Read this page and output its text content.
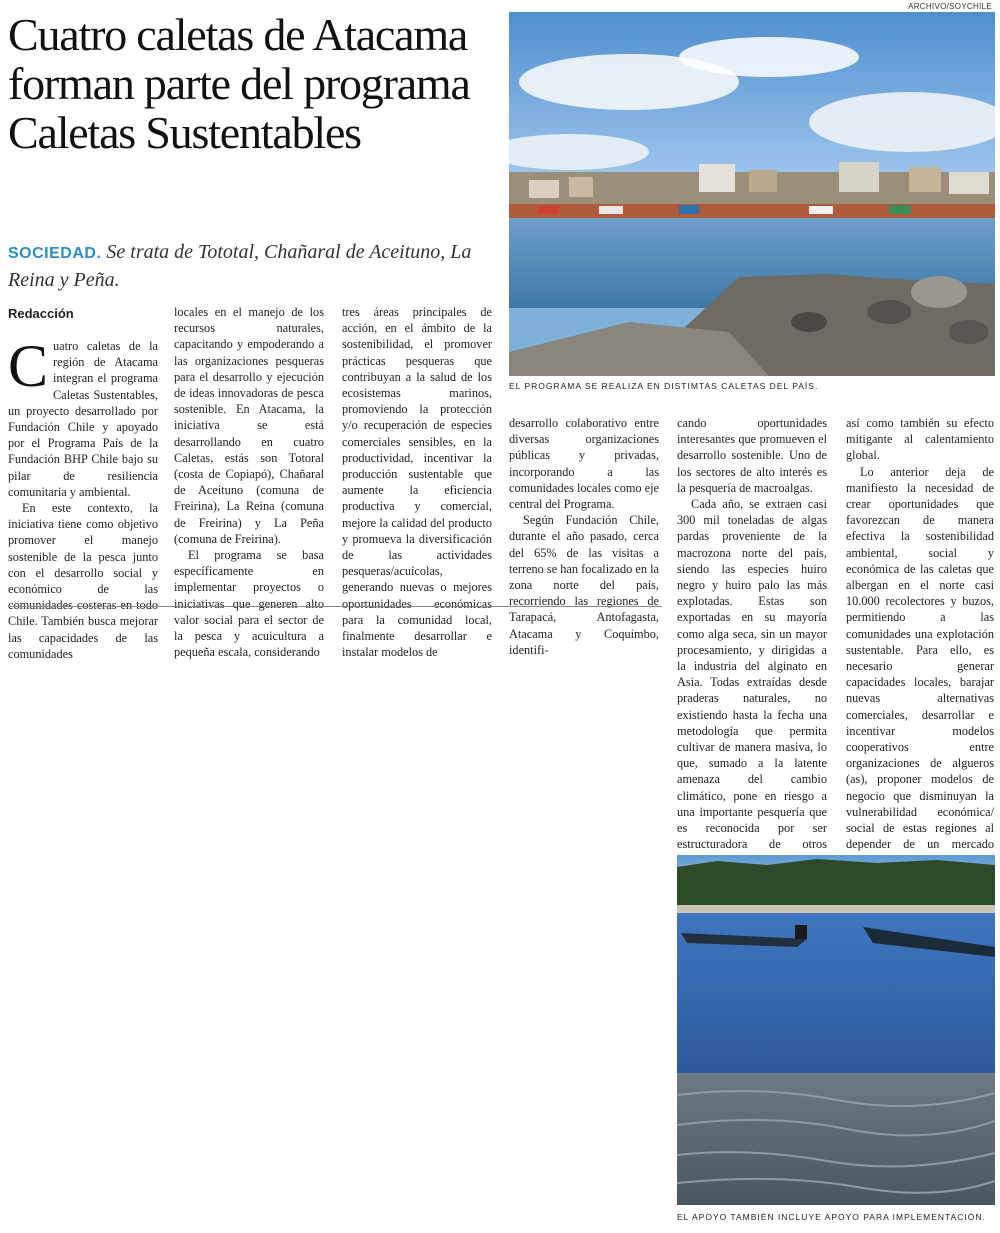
Cuatro caletas de Atacama forman parte del programa Caletas Sustentables
SOCIEDAD. Se trata de Tototal, Chañaral de Aceituno, La Reina y Peña.
Redacción

Cuatro caletas de la región de Atacama integran el programa Caletas Sustentables, un proyecto desarrollado por Fundación Chile y apoyado por el Programa País de la Fundación BHP Chile bajo su pilar de resiliencia comunitaria y ambiental.

En este contexto, la iniciativa tiene como objetivo promover el manejo sostenible de la pesca junto con el desarrollo social y económico de las comunidades costeras en todo Chile. También busca mejorar las capacidades de las comunidades

locales en el manejo de los recursos naturales, capacitando y empoderando a las organizaciones pesqueras para el desarrollo y ejecución de ideas innovadoras de pesca sostenible. En Atacama, la iniciativa se está desarrollando en cuatro Caletas, estás son Totoral (costa de Copiapó), Chañaral de Aceituno (comuna de Freirina), La Reina (comuna de Freirina) y La Peña (comuna de Freirina).

El programa se basa específicamente en implementar proyectos o iniciativas que generen alto valor social para el sector de la pesca y acuicultura a pequeña escala, considerando

tres áreas principales de acción, en el ámbito de la sostenibilidad, el promover prácticas pesqueras que contribuyan a la salud de los ecosistemas marinos, promoviendo la protección y/o recuperación de especies comerciales sensibles, en la productividad, incentivar la producción sustentable que aumente la eficiencia productiva y comercial, mejore la calidad del producto y promueva la diversificación de las actividades pesqueras/acuícolas, generando nuevas o mejores oportunidades económicas para la comunidad local, finalmente desarrollar e instalar modelos de

desarrollo colaborativo entre diversas organizaciones públicas y privadas, incorporando a las comunidades locales como eje central del Programa.

Según Fundación Chile, durante el año pasado, cerca del 65% de las visitas a terreno se han focalizado en la zona norte del país, recorriendo las regiones de Tarapacá, Antofagasta, Atacama y Coquimbo, identifi-

cando oportunidades interesantes que promueven el desarrollo sostenible. Uno de los sectores de alto interés es la pesquería de macroalgas.

Cada año, se extraen casi 300 mil toneladas de algas pardas proveniente de la macrozona norte del país, siendo las especies huiro negro y huiro palo las más explotadas. Estas son exportadas en su mayoría como alga seca, sin un mayor procesamiento, y dirigidas a la industria del alginato en Asia. Todas extraídas desde praderas naturales, no existiendo hasta la fecha una metodología que permita cultivar de manera masiva, lo que, sumado a la latente amenaza del cambio climático, pone en riesgo a una importante pesquería que es reconocida por ser estructuradora de otros

así como también su efecto mitigante al calentamiento global.

Lo anterior deja de manifiesto la necesidad de crear oportunidades que favorezcan de manera efectiva la sostenibilidad ambiental, social y económica de las caletas que albergan en el norte casi 10.000 recolectores y buzos, permitiendo a las comunidades una explotación sustentable. Para ello, es necesario generar capacidades locales, barajar nuevas alternativas comerciales, desarrollar e incentivar modelos cooperativos entre organizaciones de algueros (as), proponer modelos de negocio que disminuyan la vulnerabilidad económica/ social de estas regiones al depender de un mercado

ARCHIVO/SOYCHILE
EL PROGRAMA SE REALIZA EN DISTIMTAS CALETAS DEL PAÍS.
EL APOYO TAMBIÉN INCLUYE APOYO PARA IMPLEMENTACIÓN.
